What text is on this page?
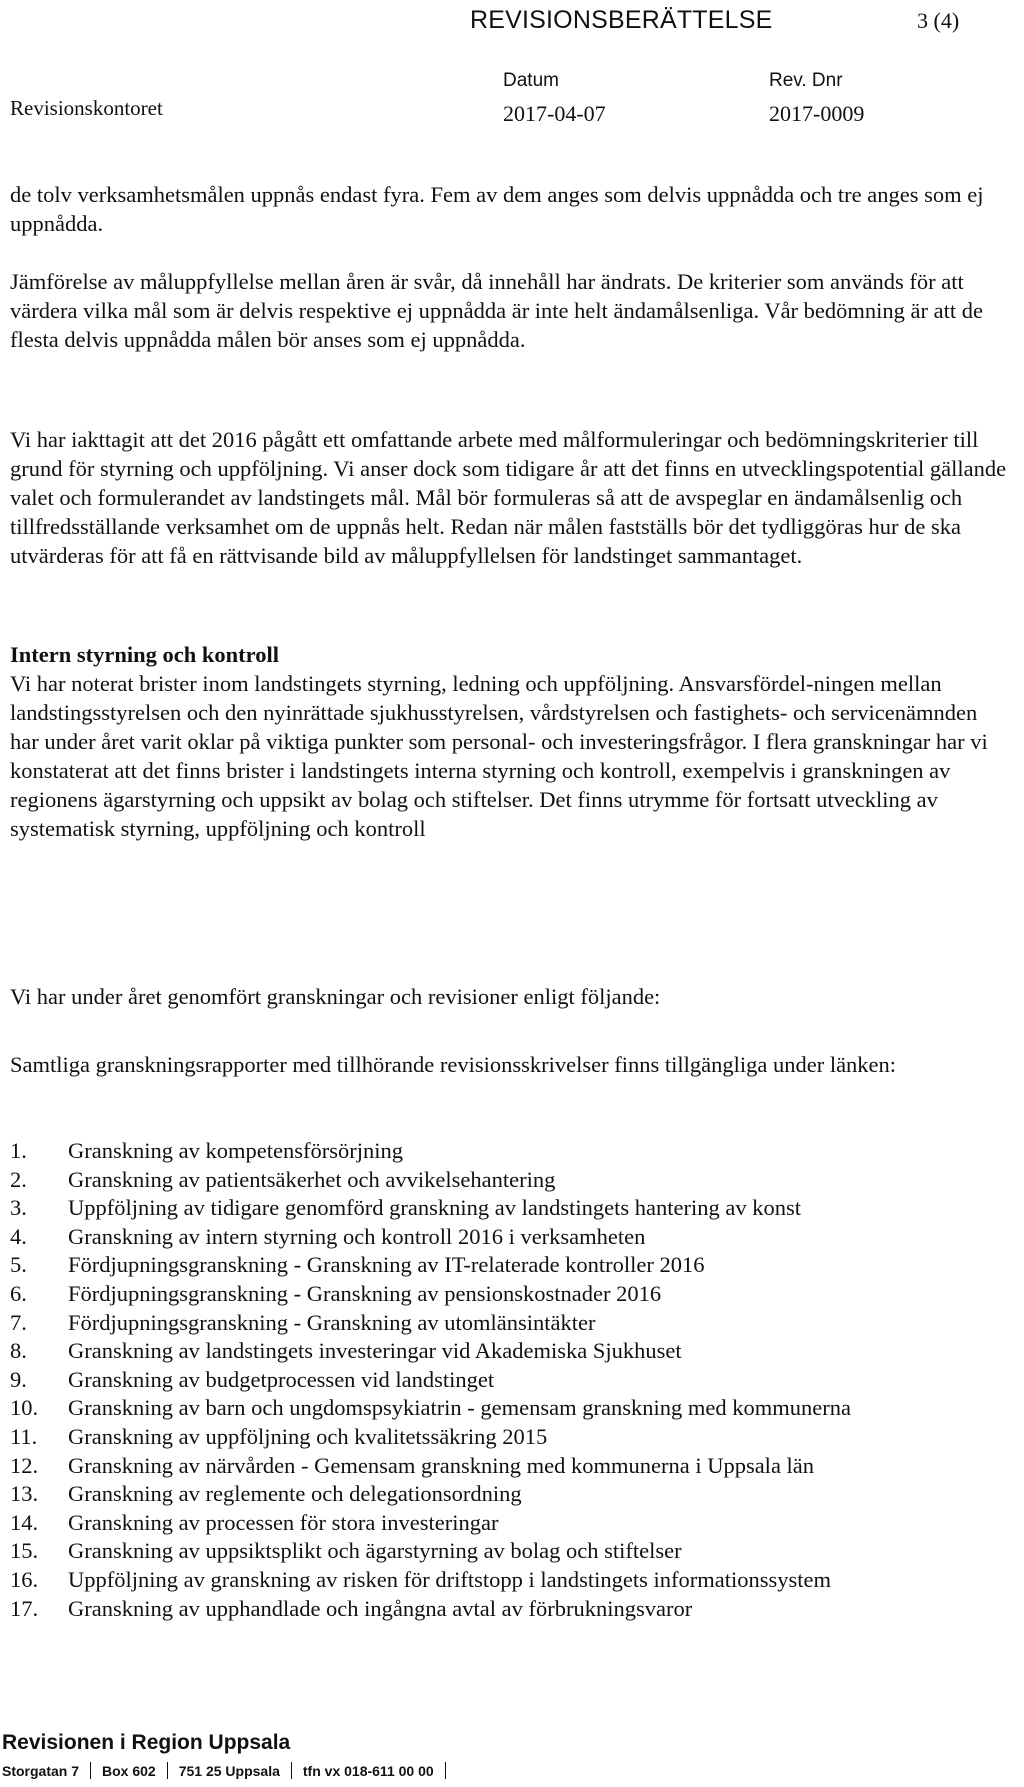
REVISIONSBERÄTTELSE	3 (4)
Revisionskontoret
Datum
2017-04-07
Rev. Dnr
2017-0009

de tolv verksamhetsmålen uppnås endast fyra. Fem av dem anges som delvis uppnådda och tre anges som ej uppnådda.

Jämförelse av måluppfyllelse mellan åren är svår, då innehåll har ändrats. De kriterier som används för att värdera vilka mål som är delvis respektive ej uppnådda är inte helt ändamålsenliga. Vår bedömning är att de flesta delvis uppnådda målen bör anses som ej uppnådda.

Vi har iakttagit att det 2016 pågått ett omfattande arbete med målformuleringar och bedömningskriterier till grund för styrning och uppföljning. Vi anser dock som tidigare år att det finns en utvecklingspotential gällande valet och formulerandet av landstingets mål. Mål bör formuleras så att de avspeglar en ändamålsenlig och tillfredsställande verksamhet om de uppnås helt. Redan när målen fastställs bör det tydliggöras hur de ska utvärderas för att få en rättvisande bild av måluppfyllelsen för landstinget sammantaget.

Intern styrning och kontroll

Vi har noterat brister inom landstingets styrning, ledning och uppföljning. Ansvarsfördel-ningen mellan landstingsstyrelsen och den nyinrättade sjukhusstyrelsen, vårdstyrelsen och fastighets- och servicenämnden har under året varit oklar på viktiga punkter som personal- och investeringsfrågor. I flera granskningar har vi konstaterat att det finns brister i landstingets interna styrning och kontroll, exempelvis i granskningen av regionens ägarstyrning och uppsikt av bolag och stiftelser. Det finns utrymme för fortsatt utveckling av systematisk styrning, uppföljning och kontroll

Vi har under året genomfört granskningar och revisioner enligt följande:

Samtliga granskningsrapporter med tillhörande revisionsskrivelser finns tillgängliga under länken:

1. Granskning av kompetensförsörjning
2. Granskning av patientsäkerhet och avvikelsehantering
3. Uppföljning av tidigare genomförd granskning av landstingets hantering av konst
4. Granskning av intern styrning och kontroll 2016 i verksamheten
5. Fördjupningsgranskning - Granskning av IT-relaterade kontroller 2016
6. Fördjupningsgranskning - Granskning av pensionskostnader 2016
7. Fördjupningsgranskning - Granskning av utomlänsintäkter
8. Granskning av landstingets investeringar vid Akademiska Sjukhuset
9. Granskning av budgetprocessen vid landstinget
10. Granskning av barn och ungdomspsykiatrin - gemensam granskning med kommunerna
11. Granskning av uppföljning och kvalitetssäkring 2015
12. Granskning av närvården - Gemensam granskning med kommunerna i Uppsala län
13. Granskning av reglemente och delegationsordning
14. Granskning av processen för stora investeringar
15. Granskning av uppsiktsplikt och ägarstyrning av bolag och stiftelser
16. Uppföljning av granskning av risken för driftstopp i landstingets informationssystem
17. Granskning av upphandlade och ingångna avtal av förbrukningsvaror
Revisionen i Region Uppsala
Storgatan 7 Box 602 751 25 Uppsala tfn vx 018-611 00 00
